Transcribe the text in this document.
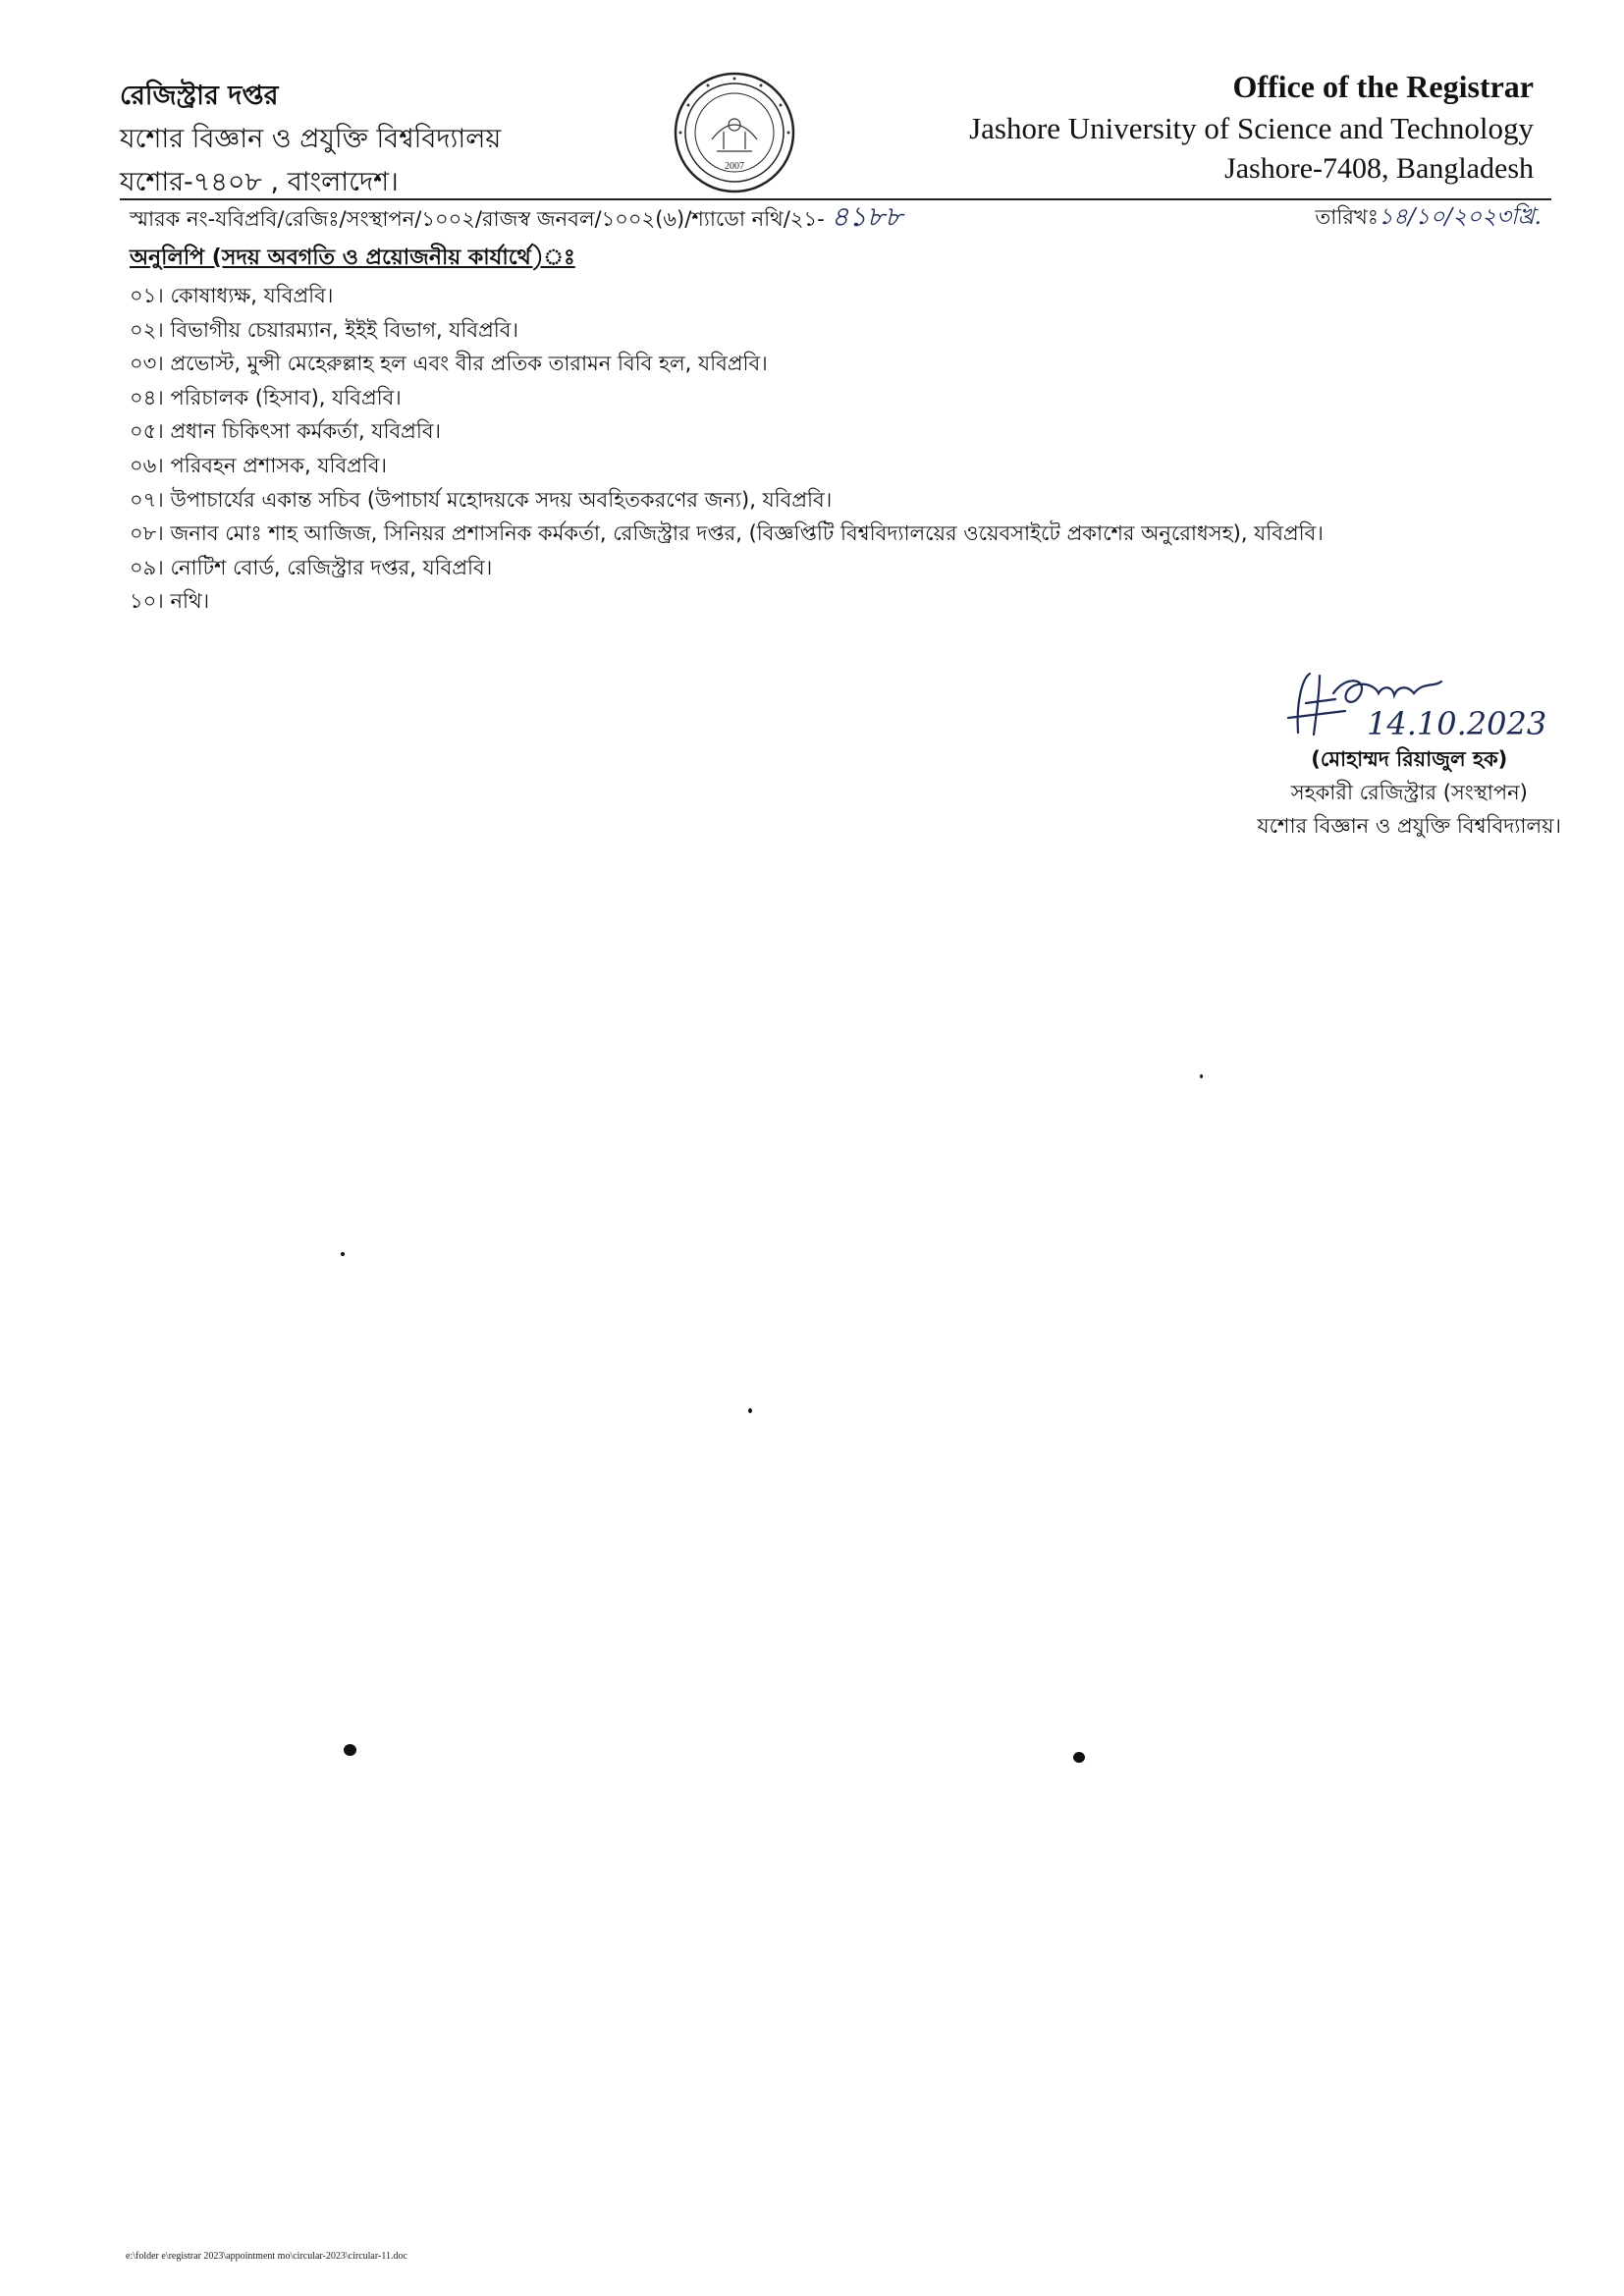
রেজিস্ট্রার দপ্তর
যশোর বিজ্ঞান ও প্রযুক্তি বিশ্ববিদ্যালয়
যশোর-৭৪০৮ , বাংলাদেশ।
2007
Office of the Registrar
Jashore University of Science and Technology
Jashore-7408, Bangladesh
স্মারক নং-যবিপ্রবি/রেজিঃ/সংস্থাপন/১০০২/রাজস্ব জনবল/১০০২(৬)/শ্যাডো নথি/২১- ৪১৮৮	তারিখঃ১৪/১০/২০২৩খ্রি.
অনুলিপি (সদয় অবগতি ও প্রয়োজনীয় কার্যার্থে)ঃ
০১। কোষাধ্যক্ষ, যবিপ্রবি।
০২। বিভাগীয় চেয়ারম্যান, ইইই বিভাগ, যবিপ্রবি।
০৩। প্রভোস্ট, মুন্সী মেহেরুল্লাহ হল এবং বীর প্রতিক তারামন বিবি হল, যবিপ্রবি।
০৪। পরিচালক (হিসাব), যবিপ্রবি।
০৫। প্রধান চিকিৎসা কর্মকর্তা, যবিপ্রবি।
০৬। পরিবহন প্রশাসক, যবিপ্রবি।
০৭। উপাচার্যের একান্ত সচিব (উপাচার্য মহোদয়কে সদয় অবহিতকরণের জন্য), যবিপ্রবি।
০৮। জনাব মোঃ শাহ আজিজ, সিনিয়র প্রশাসনিক কর্মকর্তা, রেজিস্ট্রার দপ্তর, (বিজ্ঞপ্তিটি বিশ্ববিদ্যালয়ের ওয়েবসাইটে প্রকাশের অনুরোধসহ), যবিপ্রবি।
০৯। নোটিশ বোর্ড, রেজিস্ট্রার দপ্তর, যবিপ্রবি।
১০। নথি।
14.10.2023
(মোহাম্মদ রিয়াজুল হক)
সহকারী রেজিস্ট্রার (সংস্থাপন)
যশোর বিজ্ঞান ও প্রযুক্তি বিশ্ববিদ্যালয়।
e:\folder e\registrar 2023\appointment mo\circular-2023\circular-11.doc
